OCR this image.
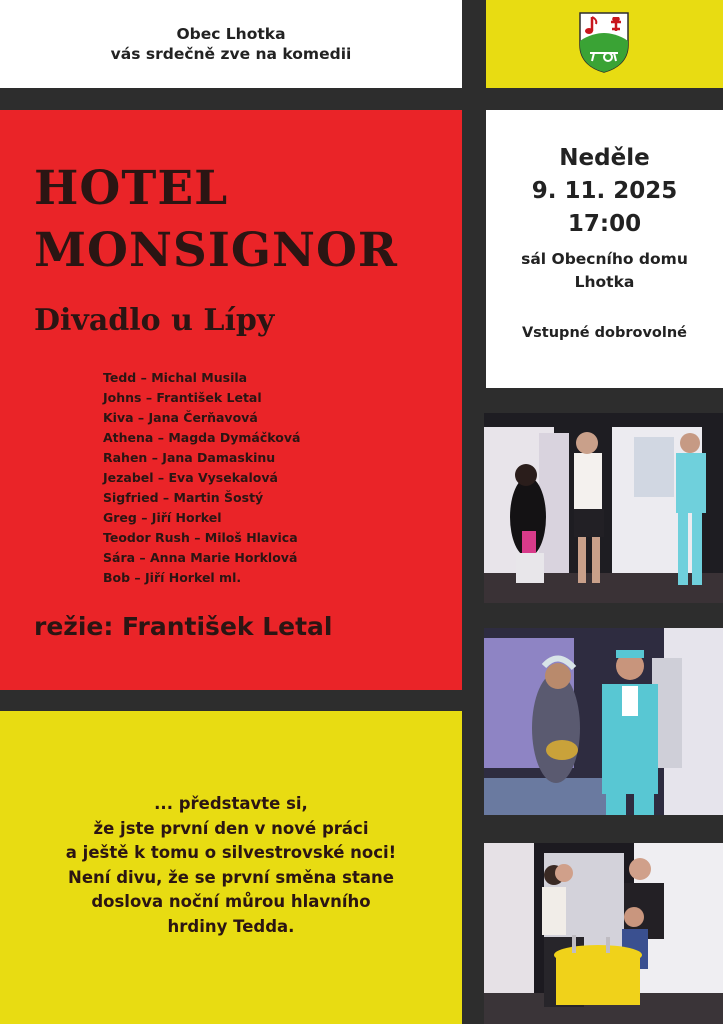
Obec Lhotka
vás srdečně zve na komedii
HOTEL
MONSIGNOR
Divadlo u Lípy
Tedd – Michal Musila
Johns – František Letal
Kiva – Jana Čerňavová
Athena – Magda Dymáčková
Rahen – Jana Damaskinu
Jezabel – Eva Vysekalová
Sigfried – Martin Šostý
Greg – Jiří Horkel
Teodor Rush – Miloš Hlavica
Sára – Anna Marie Horklová
Bob – Jiří Horkel ml.
režie: František Letal
Neděle
9. 11. 2025
17:00
sál Obecního domu
Lhotka
Vstupné dobrovolné
... představte si,
že jste první den v nové práci
a ještě k tomu o silvestrovské noci!
Není divu, že se první směna stane
doslova noční můrou hlavního
hrdiny Tedda.
